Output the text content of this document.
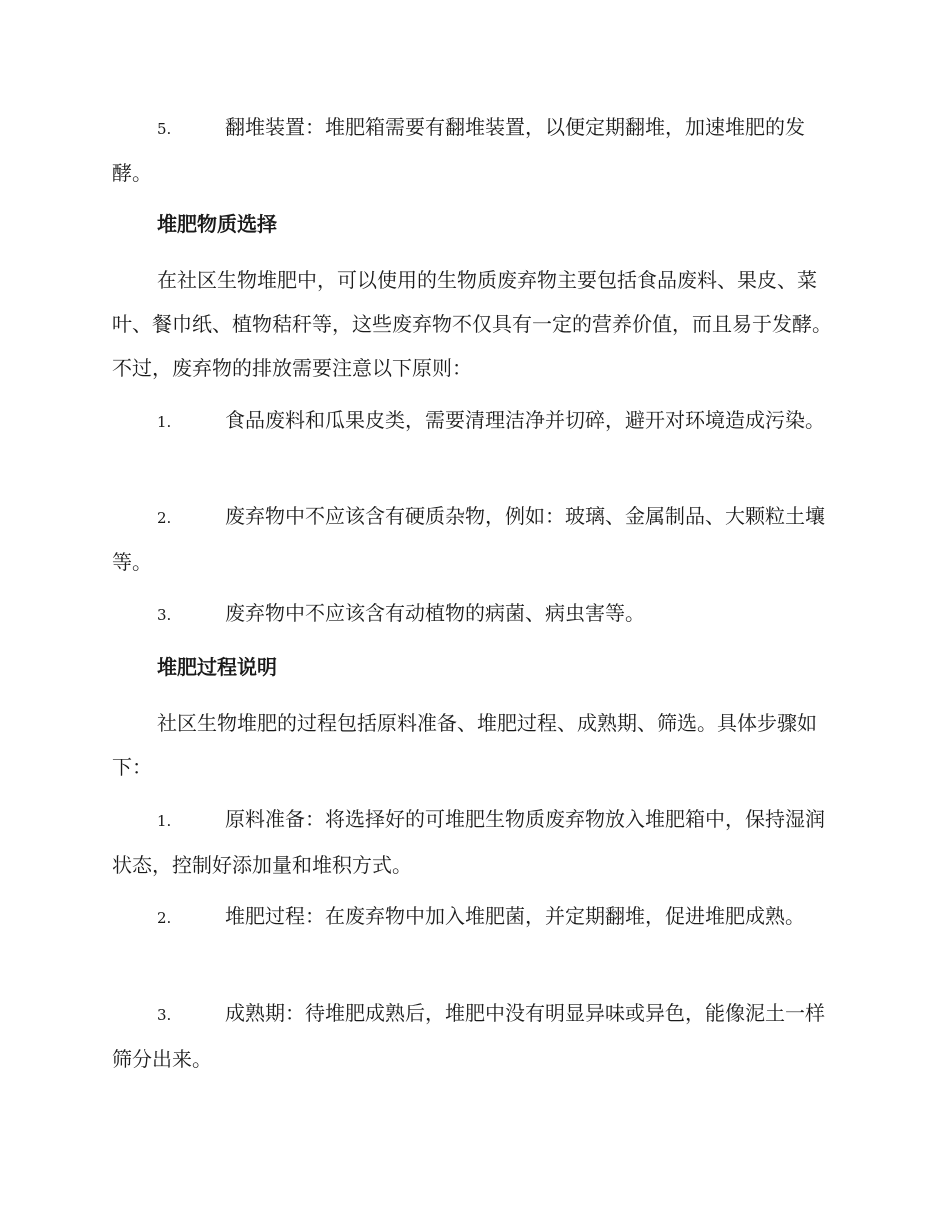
5.	翻堆装置：堆肥箱需要有翻堆装置，以便定期翻堆，加速堆肥的发酵。
堆肥物质选择
在社区生物堆肥中，可以使用的生物质废弃物主要包括食品废料、果皮、菜叶、餐巾纸、植物秸秆等，这些废弃物不仅具有一定的营养价值，而且易于发酵。不过，废弃物的排放需要注意以下原则：
1.	食品废料和瓜果皮类，需要清理洁净并切碎，避开对环境造成污染。
2.	废弃物中不应该含有硬质杂物，例如：玻璃、金属制品、大颗粒土壤等。
3.	废弃物中不应该含有动植物的病菌、病虫害等。
堆肥过程说明
社区生物堆肥的过程包括原料准备、堆肥过程、成熟期、筛选。具体步骤如下：
1.	原料准备：将选择好的可堆肥生物质废弃物放入堆肥箱中，保持湿润状态，控制好添加量和堆积方式。
2.	堆肥过程：在废弃物中加入堆肥菌，并定期翻堆，促进堆肥成熟。
3.	成熟期：待堆肥成熟后，堆肥中没有明显异味或异色，能像泥土一样筛分出来。
